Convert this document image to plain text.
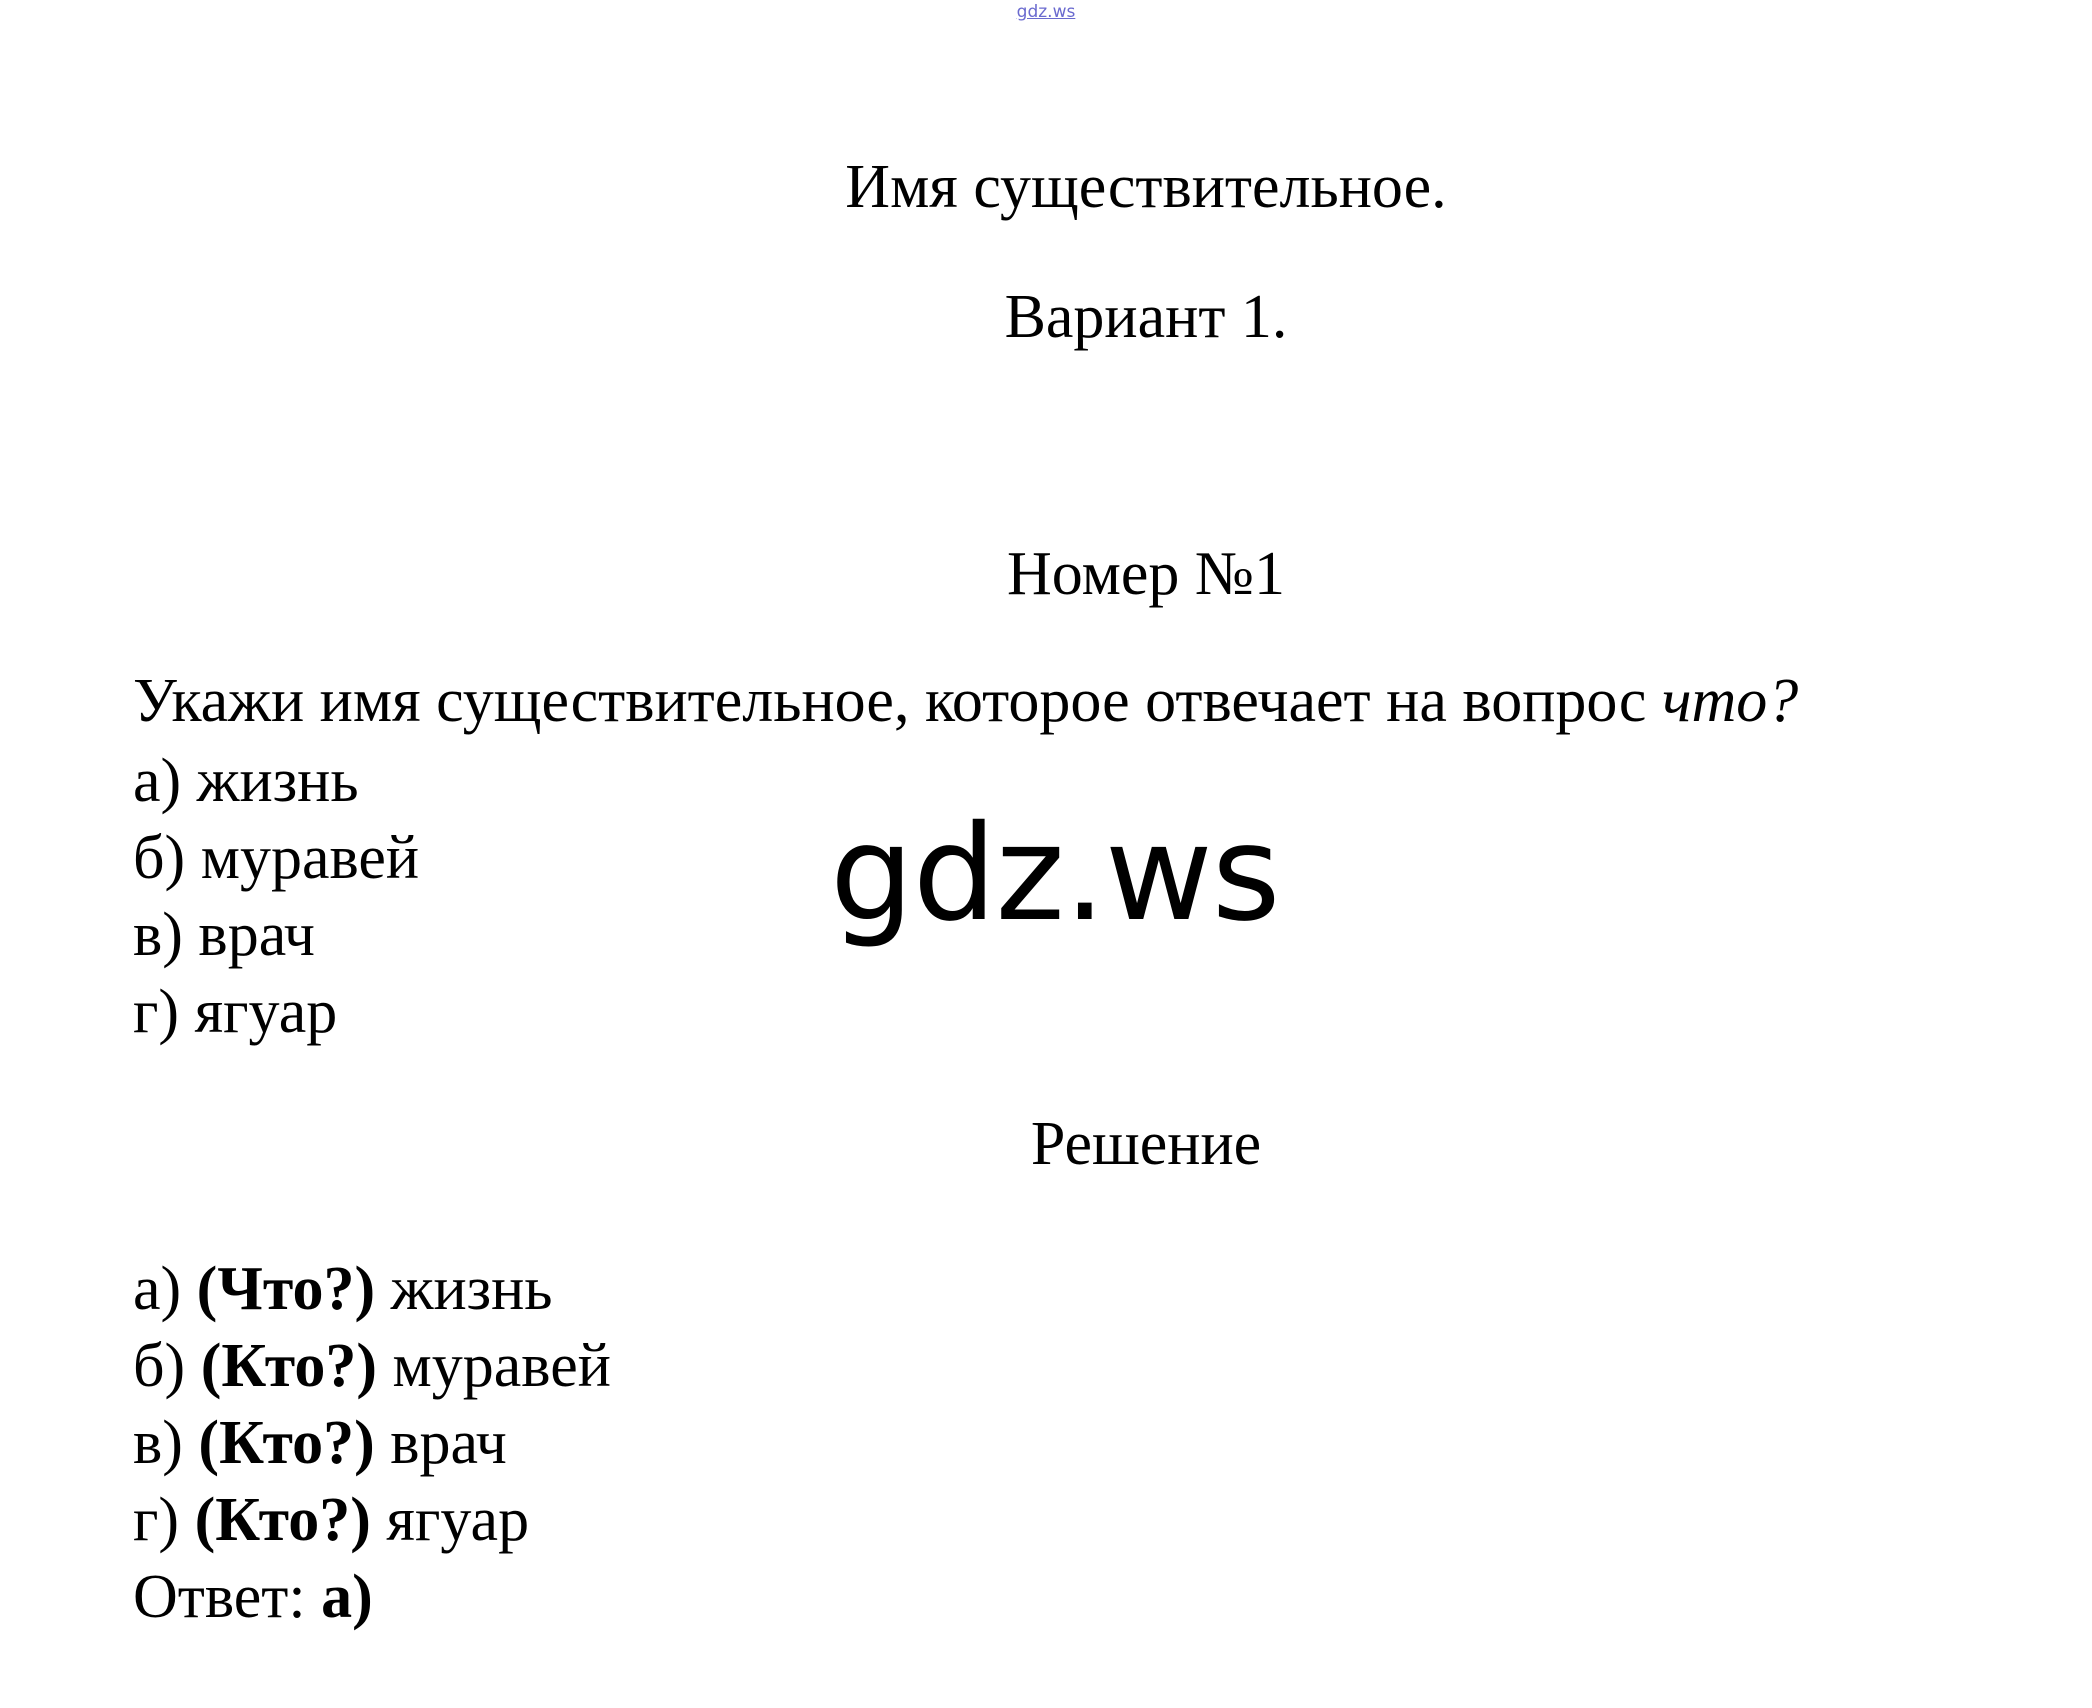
gdz.ws
Имя существительное.
Вариант 1.
Номер №1
Укажи имя существительное, которое отвечает на вопрос что?
а) жизнь
б) муравей
в) врач
г) ягуар
gdz.ws
Решение
а) (Что?) жизнь
б) (Кто?) муравей
в) (Кто?) врач
г) (Кто?) ягуар
Ответ: а)
